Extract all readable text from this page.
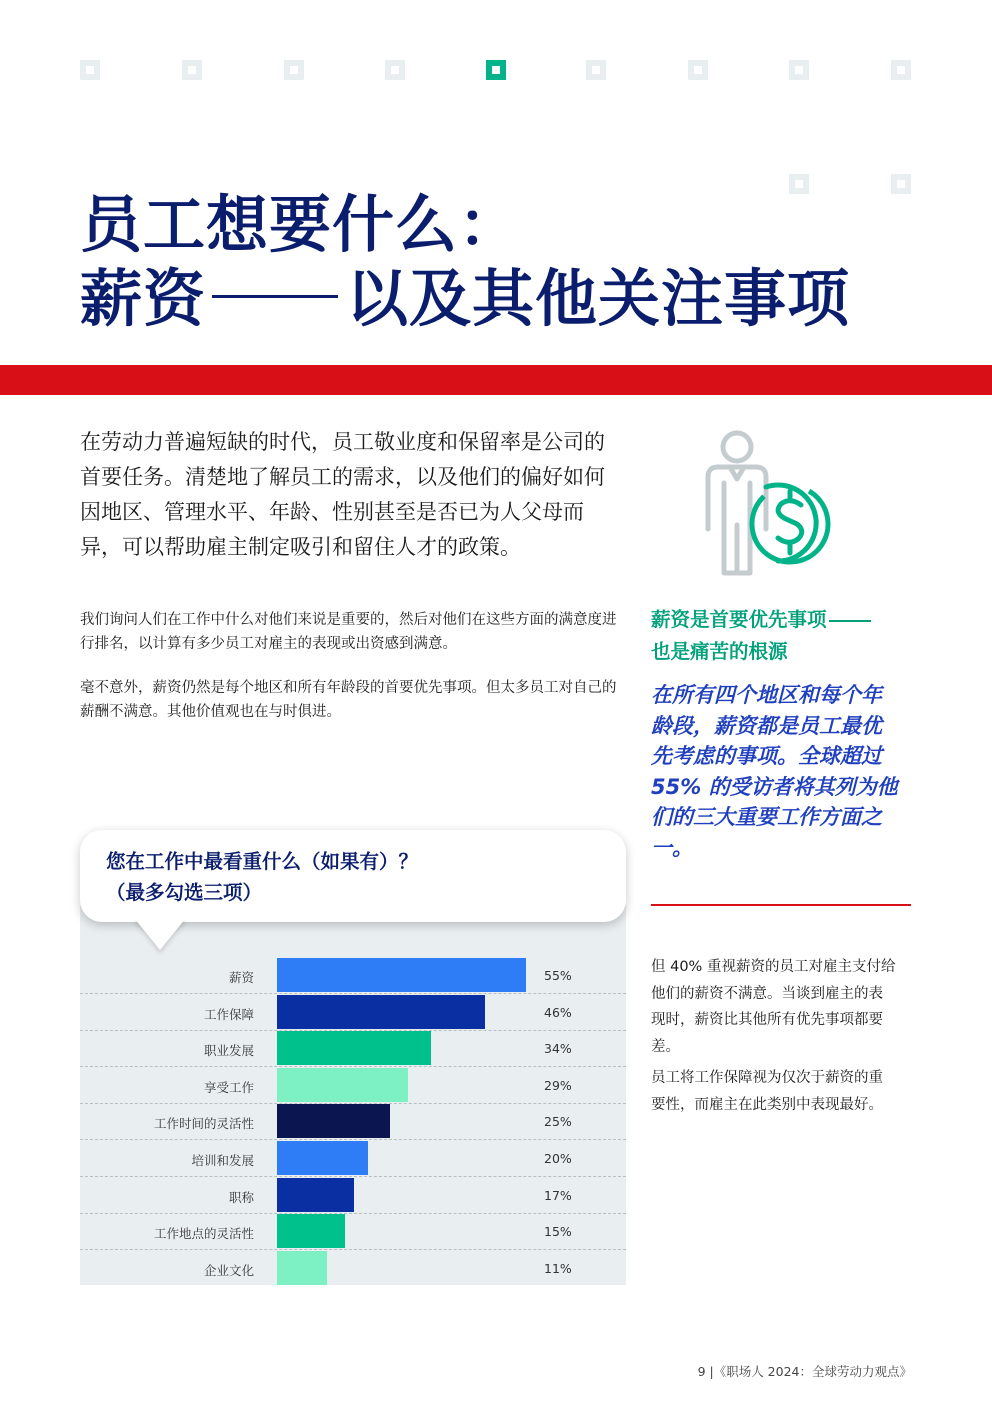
员工想要什么：
薪资 以及其他关注事项
在劳动力普遍短缺的时代，员工敬业度和保留率是公司的首要任务。清楚地了解员工的需求，以及他们的偏好如何因地区、管理水平、年龄、性别甚至是否已为人父母而异，可以帮助雇主制定吸引和留住人才的政策。
我们询问人们在工作中什么对他们来说是重要的，然后对他们在这些方面的满意度进行排名，以计算有多少员工对雇主的表现或出资感到满意。
毫不意外，薪资仍然是每个地区和所有年龄段的首要优先事项。但太多员工对自己的薪酬不满意。其他价值观也在与时俱进。
薪资是首要优先事项
也是痛苦的根源
在所有四个地区和每个年龄段，薪资都是员工最优先考虑的事项。全球超过 55% 的受访者将其列为他们的三大重要工作方面之一。
但 40% 重视薪资的员工对雇主支付给他们的薪资不满意。当谈到雇主的表现时，薪资比其他所有优先事项都要差。
员工将工作保障视为仅次于薪资的重要性，而雇主在此类别中表现最好。
薪资	55%
工作保障	46%
职业发展	34%
享受工作	29%
工作时间的灵活性	25%
培训和发展	20%
职称	17%
工作地点的灵活性	15%
企业文化	11%
您在工作中最看重什么（如果有）？
（最多勾选三项）
9 |《职场人 2024：全球劳动力观点》
